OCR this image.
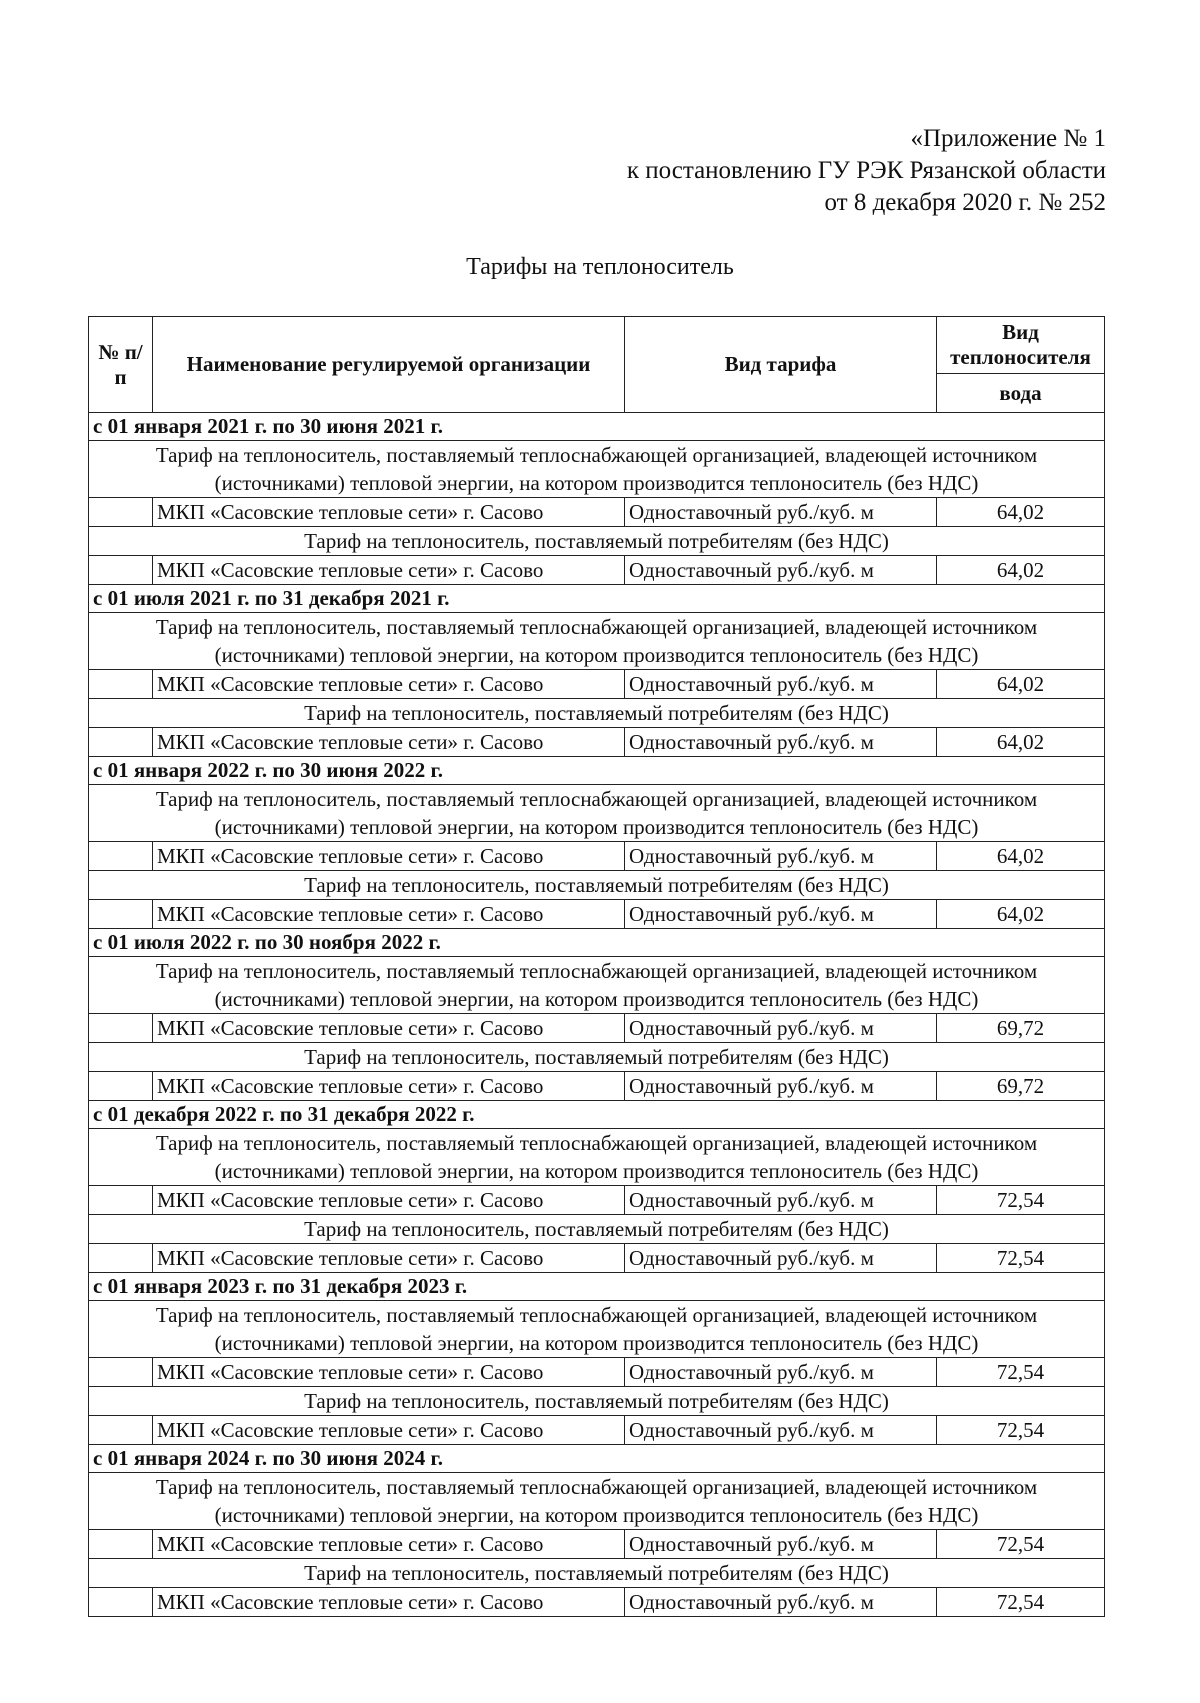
«Приложение № 1
к постановлению ГУ РЭК Рязанской области
от 8 декабря 2020 г. № 252
Тарифы на теплоноситель
№ п/п	Наименование регулируемой организации	Вид тарифа	Вид теплоносителя
			вода
с 01 января 2021 г. по 30 июня 2021 г.			
Тариф на теплоноситель, поставляемый теплоснабжающей организацией, владеющей источником (источниками) тепловой энергии, на котором производится теплоноситель (без НДС)			
	МКП «Сасовские тепловые сети» г. Сасово	Одноставочный руб./куб. м	64,02
Тариф на теплоноситель, поставляемый потребителям (без НДС)			
	МКП «Сасовские тепловые сети» г. Сасово	Одноставочный руб./куб. м	64,02
с 01 июля 2021 г. по 31 декабря 2021 г.			
Тариф на теплоноситель, поставляемый теплоснабжающей организацией, владеющей источником (источниками) тепловой энергии, на котором производится теплоноситель (без НДС)			
	МКП «Сасовские тепловые сети» г. Сасово	Одноставочный руб./куб. м	64,02
Тариф на теплоноситель, поставляемый потребителям (без НДС)			
	МКП «Сасовские тепловые сети» г. Сасово	Одноставочный руб./куб. м	64,02
с 01 января 2022 г. по 30 июня 2022 г.			
Тариф на теплоноситель, поставляемый теплоснабжающей организацией, владеющей источником (источниками) тепловой энергии, на котором производится теплоноситель (без НДС)			
	МКП «Сасовские тепловые сети» г. Сасово	Одноставочный руб./куб. м	64,02
Тариф на теплоноситель, поставляемый потребителям (без НДС)			
	МКП «Сасовские тепловые сети» г. Сасово	Одноставочный руб./куб. м	64,02
с 01 июля 2022 г. по 30 ноября 2022 г.			
Тариф на теплоноситель, поставляемый теплоснабжающей организацией, владеющей источником (источниками) тепловой энергии, на котором производится теплоноситель (без НДС)			
	МКП «Сасовские тепловые сети» г. Сасово	Одноставочный руб./куб. м	69,72
Тариф на теплоноситель, поставляемый потребителям (без НДС)			
	МКП «Сасовские тепловые сети» г. Сасово	Одноставочный руб./куб. м	69,72
с 01 декабря 2022 г. по 31 декабря 2022 г.			
Тариф на теплоноситель, поставляемый теплоснабжающей организацией, владеющей источником (источниками) тепловой энергии, на котором производится теплоноситель (без НДС)			
	МКП «Сасовские тепловые сети» г. Сасово	Одноставочный руб./куб. м	72,54
Тариф на теплоноситель, поставляемый потребителям (без НДС)			
	МКП «Сасовские тепловые сети» г. Сасово	Одноставочный руб./куб. м	72,54
с 01 января 2023 г. по 31 декабря 2023 г.			
Тариф на теплоноситель, поставляемый теплоснабжающей организацией, владеющей источником (источниками) тепловой энергии, на котором производится теплоноситель (без НДС)			
	МКП «Сасовские тепловые сети» г. Сасово	Одноставочный руб./куб. м	72,54
Тариф на теплоноситель, поставляемый потребителям (без НДС)			
	МКП «Сасовские тепловые сети» г. Сасово	Одноставочный руб./куб. м	72,54
с 01 января 2024 г. по 30 июня 2024 г.			
Тариф на теплоноситель, поставляемый теплоснабжающей организацией, владеющей источником (источниками) тепловой энергии, на котором производится теплоноситель (без НДС)			
	МКП «Сасовские тепловые сети» г. Сасово	Одноставочный руб./куб. м	72,54
Тариф на теплоноситель, поставляемый потребителям (без НДС)			
	МКП «Сасовские тепловые сети» г. Сасово	Одноставочный руб./куб. м	72,54
